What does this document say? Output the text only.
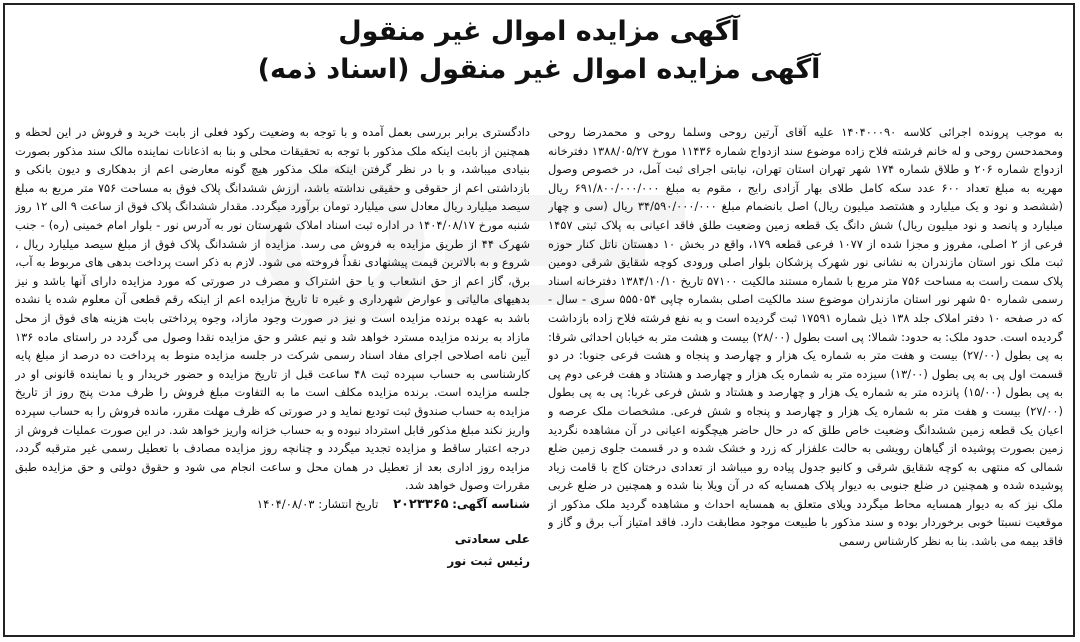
آگهی مزایده اموال غیر منقول
آگهی مزایده اموال غیر منقول (اسناد ذمه)

به موجب پرونده اجرائی کلاسه ۱۴۰۴۰۰۰۹۰ علیه آقای آرتین روحی وسلما روحی و محمدرضا روحی ومحمدحسن روحی و له خانم فرشته فلاح زاده موضوع سند ازدواج شماره ۱۱۴۳۶ مورخ ۱۳۸۸/۰۵/۲۷ دفترخانه ازدواج شماره ۲۰۶ و طلاق شماره ۱۷۴ شهر تهران استان تهران، نیابتی اجرای ثبت آمل، در خصوص وصول مهریه به مبلغ تعداد ۶۰۰ عدد سکه کامل طلای بهار آزادی رایج ، مقوم به مبلغ ۶۹۱/۸۰۰/۰۰۰/۰۰۰ ریال (ششصد و نود و یک میلیارد و هشتصد میلیون ریال) اصل بانضمام مبلغ ۳۴/۵۹۰/۰۰۰/۰۰۰ ریال (سی و چهار میلیارد و پانصد و نود میلیون ریال) شش دانگ یک قطعه زمین وضعیت طلق فاقد اعیانی به پلاک ثبتی ۱۴۵۷ فرعی از ۲ اصلی، مفروز و مجزا شده از ۱۰۷۷ فرعی قطعه ۱۷۹، واقع در بخش ۱۰ دهستان ناتل کنار حوزه ثبت ملک نور استان مازندران به نشانی نور شهرک پزشکان بلوار اصلی ورودی کوچه شقایق شرقی دومین پلاک سمت راست به مساحت ۷۵۶ متر مربع با شماره مستند مالکیت ۵۷۱۰۰ تاریخ ۱۳۸۴/۱۰/۱۰ دفترخانه اسناد رسمی شماره ۵۰ شهر نور استان مازندران موضوع سند مالکیت اصلی بشماره چاپی ۵۵۵۰۵۴ سری - سال - که در صفحه ۱۰ دفتر املاک جلد ۱۳۸ ذیل شماره ۱۷۵۹۱ ثبت گردیده است و به نفع فرشته فلاح زاده بازداشت گردیده است. حدود ملک: به حدود: شمالا: پی است بطول (۲۸/۰۰) بیست و هشت متر به خیابان احداثی شرقا: به پی بطول (۲۷/۰۰) بیست و هفت متر به شماره یک هزار و چهارصد و پنجاه و هشت فرعی جنوبا: در دو قسمت اول پی به پی بطول (۱۳/۰۰) سیزده متر به شماره یک هزار و چهارصد و هشتاد و هفت فرعی دوم پی به پی بطول (۱۵/۰۰) پانزده متر به شماره یک هزار و چهارصد و هشتاد و شش فرعی غربا: پی به پی بطول (۲۷/۰۰) بیست و هفت متر به شماره یک هزار و چهارصد و پنجاه و شش فرعی. مشخصات ملک عرصه و اعیان یک قطعه زمین ششدانگ وضعیت خاص طلق که در حال حاضر هیچگونه اعیانی در آن مشاهده نگردید زمین بصورت پوشیده از گیاهان رویشی به حالت علفزار که زرد و خشک شده و در قسمت جلوی زمین ضلع شمالی که منتهی به کوچه شقایق شرقی و کانیو جدول پیاده رو میباشد از تعدادی درختان کاج با قامت زیاد پوشیده شده و همچنین در ضلع جنوبی به دیوار پلاک همسایه که در آن ویلا بنا شده و همچنین در ضلع غربی ملک نیز که به دیوار همسایه محاط میگردد ویلای متعلق به همسایه احداث و مشاهده گردید ملک مذکور از موقعیت نسبتا خوبی برخوردار بوده و سند مذکور با طبیعت موجود مطابقت دارد. فاقد امتیاز آب برق و گاز و فاقد بیمه می باشد. بنا به نظر کارشناس رسمی

دادگستری برابر بررسی بعمل آمده و با توجه به وضعیت رکود فعلی از بابت خرید و فروش در این لحظه و همچنین از بابت اینکه ملک مذکور با توجه به تحقیقات محلی و بنا به اذعانات نماینده مالک سند مذکور بصورت بنیادی میباشد، و با در نظر گرفتن اینکه ملک مذکور هیچ گونه معارضی اعم از بدهکاری و دیون بانکی و بازداشتی اعم از حقوقی و حقیقی نداشته باشد، ارزش ششدانگ پلاک فوق به مساحت ۷۵۶ متر مربع به مبلغ سیصد میلیارد ریال معادل سی میلیارد تومان برآورد میگردد. مقدار ششدانگ پلاک فوق از ساعت ۹ الی ۱۲ روز شنبه مورخ ۱۴۰۴/۰۸/۱۷ در اداره ثبت اسناد املاک شهرستان نور به آدرس نور - بلوار امام خمینی (ره) - جنب شهرک ۴۴ از طریق مزایده به فروش می رسد. مزایده از ششدانگ پلاک فوق از مبلغ سیصد میلیارد ریال ، شروع و به بالاترین قیمت پیشنهادی نقداً فروخته می شود. لازم به ذکر است پرداخت بدهی های مربوط به آب، برق، گاز اعم از حق انشعاب و یا حق اشتراک و مصرف در صورتی که مورد مزایده دارای آنها باشد و نیز بدهیهای مالیاتی و عوارض شهرداری و غیره تا تاریخ مزایده اعم از اینکه رقم قطعی آن معلوم شده یا نشده باشد به عهده برنده مزایده است و نیز در صورت وجود مازاد، وجوه پرداختی بابت هزینه های فوق از محل مازاد به برنده مزایده مسترد خواهد شد و نیم عشر و حق مزایده نقدا وصول می گردد در راستای ماده ۱۳۶ آیین نامه اصلاحی اجرای مفاد اسناد رسمی شرکت در جلسه مزایده منوط به پرداخت ده درصد از مبلغ پایه کارشناسی به حساب سپرده ثبت ۴۸ ساعت قبل از تاریخ مزایده و حضور خریدار و یا نماینده قانونی او در جلسه مزایده است. برنده مزایده مکلف است ما به التفاوت مبلغ فروش را ظرف مدت پنج روز از تاریخ مزایده به حساب صندوق ثبت تودیع نماید و در صورتی که ظرف مهلت مقرر، مانده فروش را به حساب سپرده واریز نکند مبلغ مذکور قابل استرداد نبوده و به حساب خزانه واریز خواهد شد. در این صورت عملیات فروش از درجه اعتبار ساقط و مزایده تجدید میگردد و چنانچه روز مزایده مصادف با تعطیل رسمی غیر مترقبه گردد، مزایده روز اداری بعد از تعطیل در همان محل و ساعت انجام می شود و حقوق دولتی و حق مزایده طبق مقررات وصول خواهد شد.

شناسه آگهی: ۲۰۲۳۳۶۵    تاریخ انتشار: ۱۴۰۴/۰۸/۰۳
علی سعادتی
رئیس ثبت نور
